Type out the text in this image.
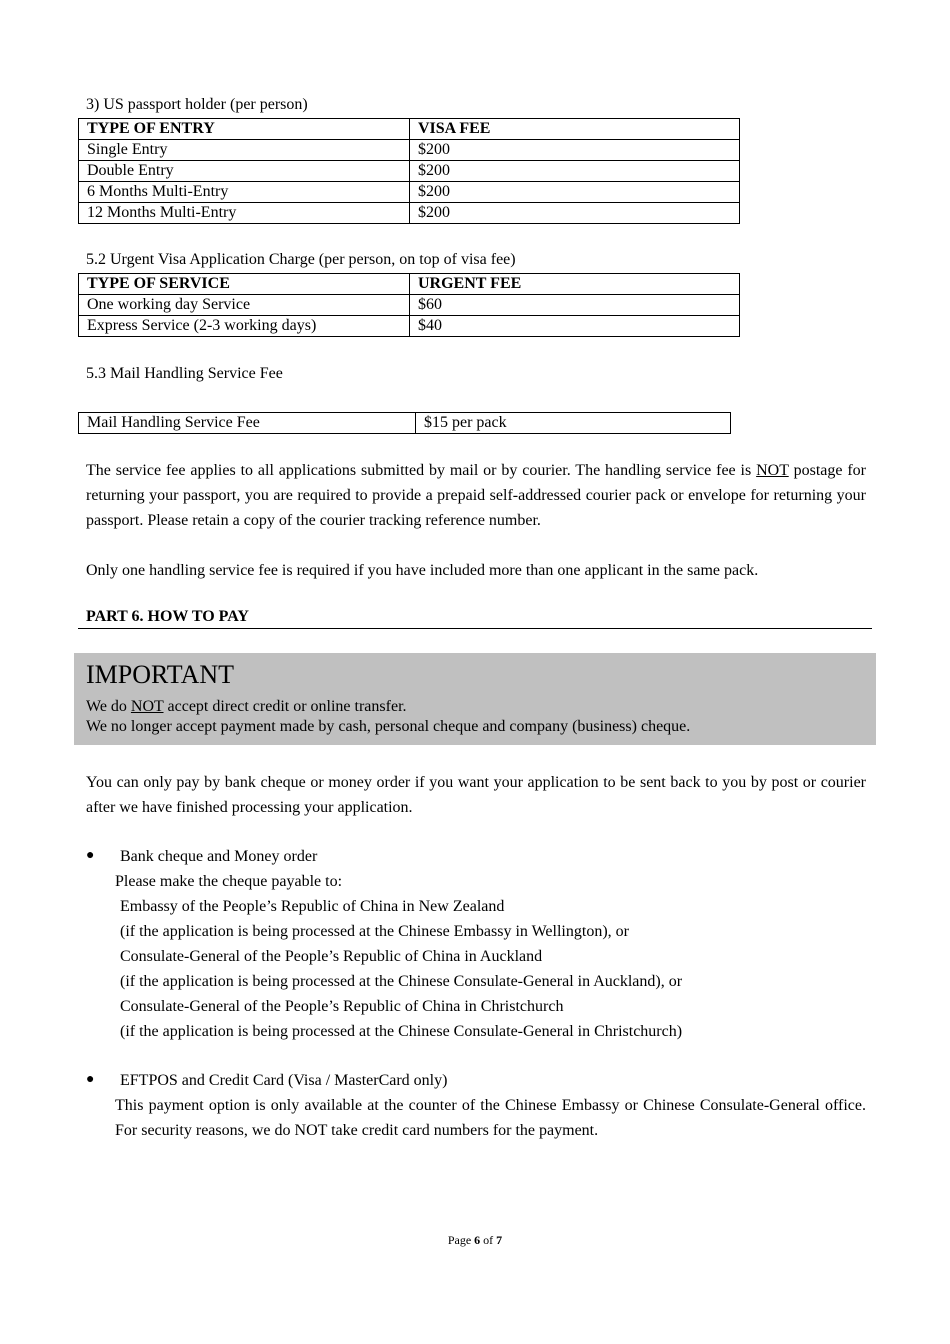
3) US passport holder (per person)
TYPE OF ENTRY	VISA FEE
Single Entry	$200
Double Entry	$200
6 Months Multi-Entry	$200
12 Months Multi-Entry	$200
5.2 Urgent Visa Application Charge (per person, on top of visa fee)
TYPE OF SERVICE	URGENT FEE
One working day Service	$60
Express Service (2-3 working days)	$40
5.3 Mail Handling Service Fee
Mail Handling Service Fee	$15 per pack
The service fee applies to all applications submitted by mail or by courier. The handling service fee is NOT postage for returning your passport, you are required to provide a prepaid self-addressed courier pack or envelope for returning your passport. Please retain a copy of the courier tracking reference number.
Only one handling service fee is required if you have included more than one applicant in the same pack.
PART 6. HOW TO PAY
IMPORTANT
We do NOT accept direct credit or online transfer.
We no longer accept payment made by cash, personal cheque and company (business) cheque.
You can only pay by bank cheque or money order if you want your application to be sent back to you by post or courier after we have finished processing your application.
● Bank cheque and Money order
Please make the cheque payable to:
Embassy of the People’s Republic of China in New Zealand
(if the application is being processed at the Chinese Embassy in Wellington), or
Consulate-General of the People’s Republic of China in Auckland
(if the application is being processed at the Chinese Consulate-General in Auckland), or
Consulate-General of the People’s Republic of China in Christchurch
(if the application is being processed at the Chinese Consulate-General in Christchurch)
● EFTPOS and Credit Card (Visa / MasterCard only)
This payment option is only available at the counter of the Chinese Embassy or Chinese Consulate-General office. For security reasons, we do NOT take credit card numbers for the payment.
Page 6 of 7
